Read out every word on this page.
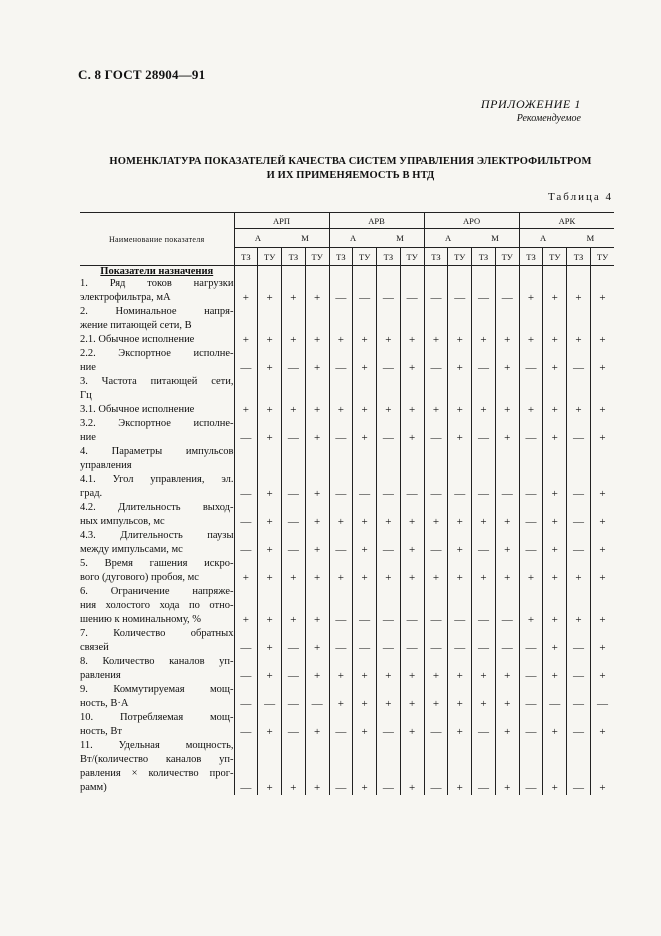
С. 8 ГОСТ 28904—91
ПРИЛОЖЕНИЕ 1
Рекомендуемое
НОМЕНКЛАТУРА ПОКАЗАТЕЛЕЙ КАЧЕСТВА СИСТЕМ УПРАВЛЕНИЯ ЭЛЕКТРОФИЛЬТРОМ
И ИХ ПРИМЕНЯЕМОСТЬ В НТД
Таблица 4
Наименование показателя	АРП				АРВ				АРО				АРК			
	А		М		А		М		А		М		А		М	
	ТЗ	ТУ	ТЗ	ТУ	ТЗ	ТУ	ТЗ	ТУ	ТЗ	ТУ	ТЗ	ТУ	ТЗ	ТУ	ТЗ	ТУ
Показатели назначения																

1. Ряд токов нагрузки
электрофильтра, мА	+	+	+	+	—	—	—	—	—	—	—	—	+	+	+	+

2. Номинальное напря-
жение питающей сети, В																

2.1. Обычное исполнение	+	+	+	+	+	+	+	+	+	+	+	+	+	+	+	+

2.2. Экспортное исполне-
ние	—	+	—	+	—	+	—	+	—	+	—	+	—	+	—	+

3. Частота питающей сети,
Гц																

3.1. Обычное исполнение	+	+	+	+	+	+	+	+	+	+	+	+	+	+	+	+

3.2. Экспортное исполне-
ние	—	+	—	+	—	+	—	+	—	+	—	+	—	+	—	+

4. Параметры импульсов
управления																

4.1. Угол управления, эл.
град.	—	+	—	+	—	—	—	—	—	—	—	—	—	+	—	+

4.2. Длительность выход-
ных импульсов, мс	—	+	—	+	+	+	+	+	+	+	+	+	—	+	—	+

4.3. Длительность паузы
между импульсами, мс	—	+	—	+	—	+	—	+	—	+	—	+	—	+	—	+

5. Время гашения искро-
вого (дугового) пробоя, мс	+	+	+	+	+	+	+	+	+	+	+	+	+	+	+	+

6. Ограничение напряже-
ния холостого хода по отно-
шению к номинальному, %	+	+	+	+	—	—	—	—	—	—	—	—	+	+	+	+

7. Количество обратных
связей	—	+	—	+	—	—	—	—	—	—	—	—	—	+	—	+

8. Количество каналов уп-
равления	—	+	—	+	+	+	+	+	+	+	+	+	—	+	—	+

9. Коммутируемая мощ-
ность, В·А	—	—	—	—	+	+	+	+	+	+	+	+	—	—	—	—

10. Потребляемая мощ-
ность, Вт	—	+	—	+	—	+	—	+	—	+	—	+	—	+	—	+

11. Удельная мощность,
Вт/(количество каналов уп-
равления × количество прог-
рамм)	—	+	+	+	—	+	—	+	—	+	—	+	—	+	—	+
